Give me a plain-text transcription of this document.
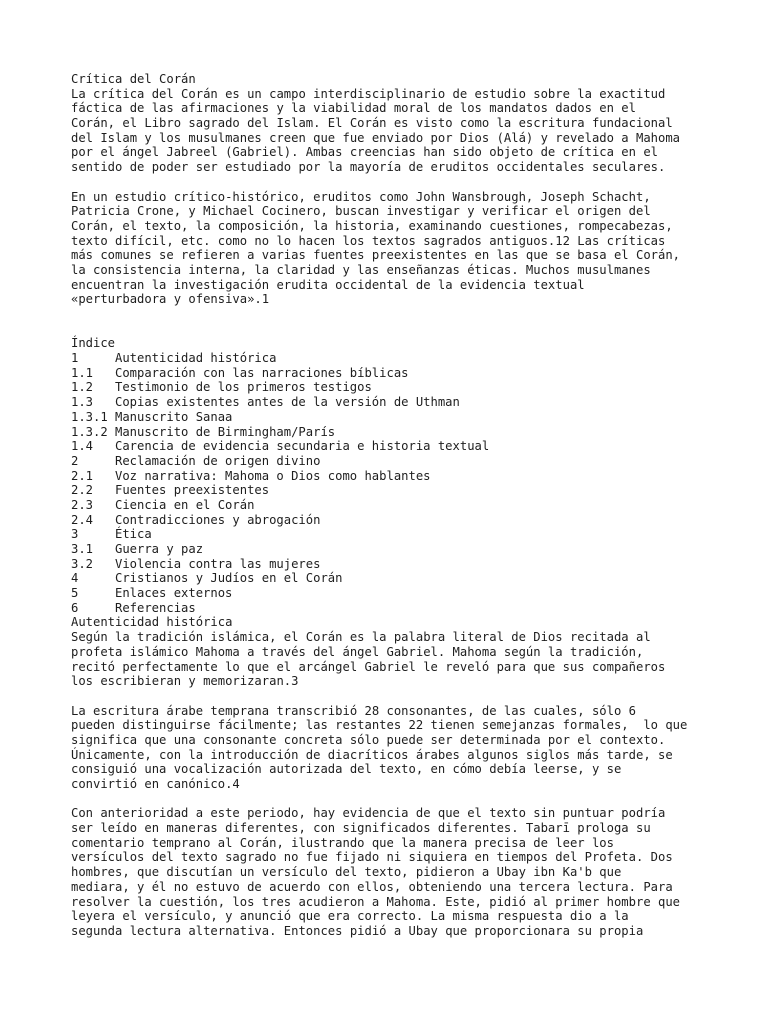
Crítica del Corán
La crítica del Corán es un campo interdisciplinario de estudio sobre la exactitud
fáctica de las afirmaciones y la viabilidad moral de los mandatos dados en el
Corán, el Libro sagrado del Islam. El Corán es visto como la escritura fundacional
del Islam y los musulmanes creen que fue enviado por Dios (Alá) y revelado a Mahoma
por el ángel Jabreel (Gabriel). Ambas creencias han sido objeto de crítica en el
sentido de poder ser estudiado por la mayoría de eruditos occidentales seculares.
En un estudio crítico-histórico, eruditos como John Wansbrough, Joseph Schacht,
Patricia Crone, y Michael Cocinero, buscan investigar y verificar el origen del
Corán, el texto, la composición, la historia, examinando cuestiones, rompecabezas,
texto difícil, etc. como no lo hacen los textos sagrados antiguos.12 Las críticas
más comunes se refieren a varias fuentes preexistentes en las que se basa el Corán,
la consistencia interna, la claridad y las enseñanzas éticas. Muchos musulmanes
encuentran la investigación erudita occidental de la evidencia textual
«perturbadora y ofensiva».1
Índice
1	Autenticidad histórica
1.1	Comparación con las narraciones bíblicas
1.2	Testimonio de los primeros testigos
1.3	Copias existentes antes de la versión de Uthman
1.3.1 Manuscrito Sanaa
1.3.2 Manuscrito de Birmingham/París
1.4	Carencia de evidencia secundaria e historia textual
2	Reclamación de origen divino
2.1	Voz narrativa: Mahoma o Dios como hablantes
2.2	Fuentes preexistentes
2.3	Ciencia en el Corán
2.4	Contradicciones y abrogación
3	Ética
3.1	Guerra y paz
3.2	Violencia contra las mujeres
4	Cristianos y Judíos en el Corán
5	Enlaces externos
6	Referencias
Autenticidad histórica
Según la tradición islámica, el Corán es la palabra literal de Dios recitada al
profeta islámico Mahoma a través del ángel Gabriel. Mahoma según la tradición,
recitó perfectamente lo que el arcángel Gabriel le reveló para que sus compañeros
los escribieran y memorizaran.3
La escritura árabe temprana transcribió 28 consonantes, de las cuales, sólo 6
pueden distinguirse fácilmente; las restantes 22 tienen semejanzas formales,  lo que
significa que una consonante concreta sólo puede ser determinada por el contexto.
Únicamente, con la introducción de diacríticos árabes algunos siglos más tarde, se
consiguió una vocalización autorizada del texto, en cómo debía leerse, y se
convirtió en canónico.4
Con anterioridad a este periodo, hay evidencia de que el texto sin puntuar podría
ser leído en maneras diferentes, con significados diferentes. Tabarī prologa su
comentario temprano al Corán, ilustrando que la manera precisa de leer los
versículos del texto sagrado no fue fijado ni siquiera en tiempos del Profeta. Dos
hombres, que discutían un versículo del texto, pidieron a Ubay ibn Ka'b que
mediara, y él no estuvo de acuerdo con ellos, obteniendo una tercera lectura. Para
resolver la cuestión, los tres acudieron a Mahoma. Este, pidió al primer hombre que
leyera el versículo, y anunció que era correcto. La misma respuesta dio a la
segunda lectura alternativa. Entonces pidió a Ubay que proporcionara su propia
